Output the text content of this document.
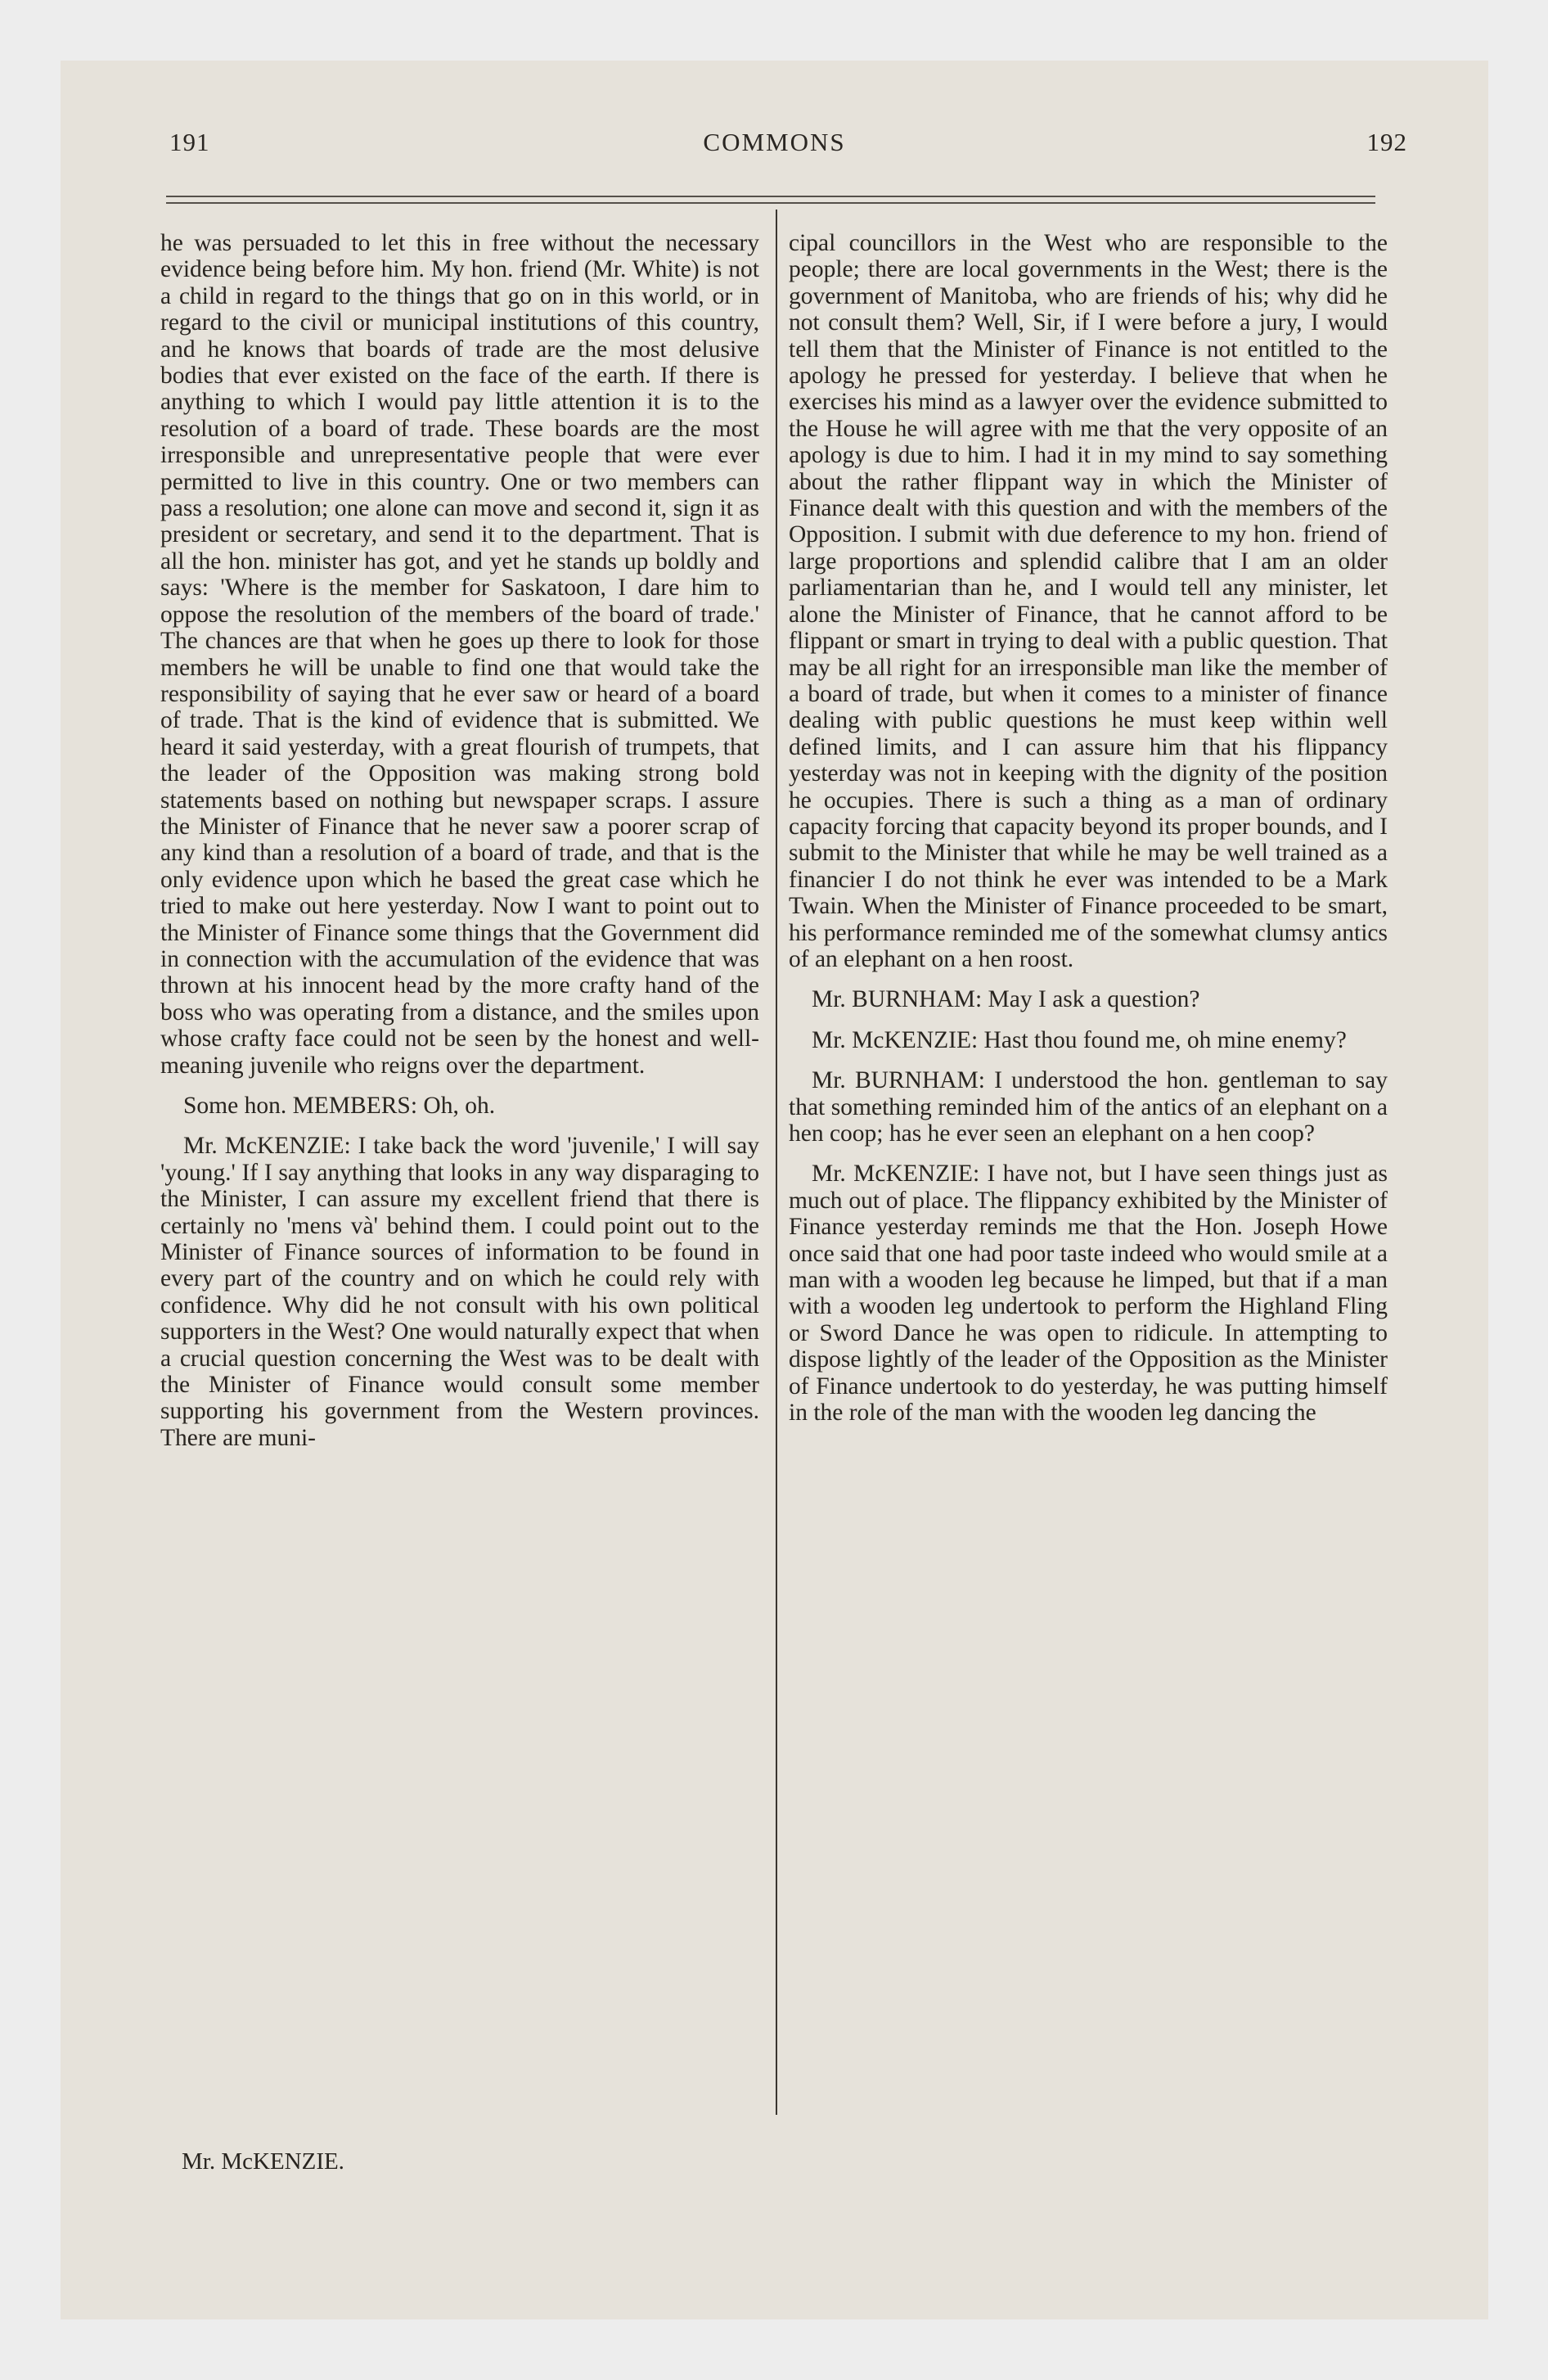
191	COMMONS	192

he was persuaded to let this in free without the necessary evidence being before him. My hon. friend (Mr. White) is not a child in regard to the things that go on in this world, or in regard to the civil or municipal institutions of this country, and he knows that boards of trade are the most delusive bodies that ever existed on the face of the earth. If there is anything to which I would pay little attention it is to the resolution of a board of trade. These boards are the most irresponsible and unrepresentative people that were ever permitted to live in this country. One or two members can pass a resolution; one alone can move and second it, sign it as president or secretary, and send it to the department. That is all the hon. minister has got, and yet he stands up boldly and says: 'Where is the member for Saskatoon, I dare him to oppose the resolution of the members of the board of trade.' The chances are that when he goes up there to look for those members he will be unable to find one that would take the responsibility of saying that he ever saw or heard of a board of trade. That is the kind of evidence that is submitted. We heard it said yesterday, with a great flourish of trumpets, that the leader of the Opposition was making strong bold statements based on nothing but newspaper scraps. I assure the Minister of Finance that he never saw a poorer scrap of any kind than a resolution of a board of trade, and that is the only evidence upon which he based the great case which he tried to make out here yesterday. Now I want to point out to the Minister of Finance some things that the Government did in connection with the accumulation of the evidence that was thrown at his innocent head by the more crafty hand of the boss who was operating from a distance, and the smiles upon whose crafty face could not be seen by the honest and well-meaning juvenile who reigns over the department.

Some hon. MEMBERS: Oh, oh.

Mr. McKENZIE: I take back the word 'juvenile,' I will say 'young.' If I say anything that looks in any way disparaging to the Minister, I can assure my excellent friend that there is certainly no 'mens và' behind them. I could point out to the Minister of Finance sources of information to be found in every part of the country and on which he could rely with confidence. Why did he not consult with his own political supporters in the West? One would naturally expect that when a crucial question concerning the West was to be dealt with the Minister of Finance would consult some member supporting his government from the Western provinces. There are muni-

cipal councillors in the West who are responsible to the people; there are local governments in the West; there is the government of Manitoba, who are friends of his; why did he not consult them? Well, Sir, if I were before a jury, I would tell them that the Minister of Finance is not entitled to the apology he pressed for yesterday. I believe that when he exercises his mind as a lawyer over the evidence submitted to the House he will agree with me that the very opposite of an apology is due to him. I had it in my mind to say something about the rather flippant way in which the Minister of Finance dealt with this question and with the members of the Opposition. I submit with due deference to my hon. friend of large proportions and splendid calibre that I am an older parliamentarian than he, and I would tell any minister, let alone the Minister of Finance, that he cannot afford to be flippant or smart in trying to deal with a public question. That may be all right for an irresponsible man like the member of a board of trade, but when it comes to a minister of finance dealing with public questions he must keep within well defined limits, and I can assure him that his flippancy yesterday was not in keeping with the dignity of the position he occupies. There is such a thing as a man of ordinary capacity forcing that capacity beyond its proper bounds, and I submit to the Minister that while he may be well trained as a financier I do not think he ever was intended to be a Mark Twain. When the Minister of Finance proceeded to be smart, his performance reminded me of the somewhat clumsy antics of an elephant on a hen roost.

Mr. BURNHAM: May I ask a question?

Mr. McKENZIE: Hast thou found me, oh mine enemy?

Mr. BURNHAM: I understood the hon. gentleman to say that something reminded him of the antics of an elephant on a hen coop; has he ever seen an elephant on a hen coop?

Mr. McKENZIE: I have not, but I have seen things just as much out of place. The flippancy exhibited by the Minister of Finance yesterday reminds me that the Hon. Joseph Howe once said that one had poor taste indeed who would smile at a man with a wooden leg because he limped, but that if a man with a wooden leg undertook to perform the Highland Fling or Sword Dance he was open to ridicule. In attempting to dispose lightly of the leader of the Opposition as the Minister of Finance undertook to do yesterday, he was putting himself in the role of the man with the wooden leg dancing the

Mr. McKENZIE.
